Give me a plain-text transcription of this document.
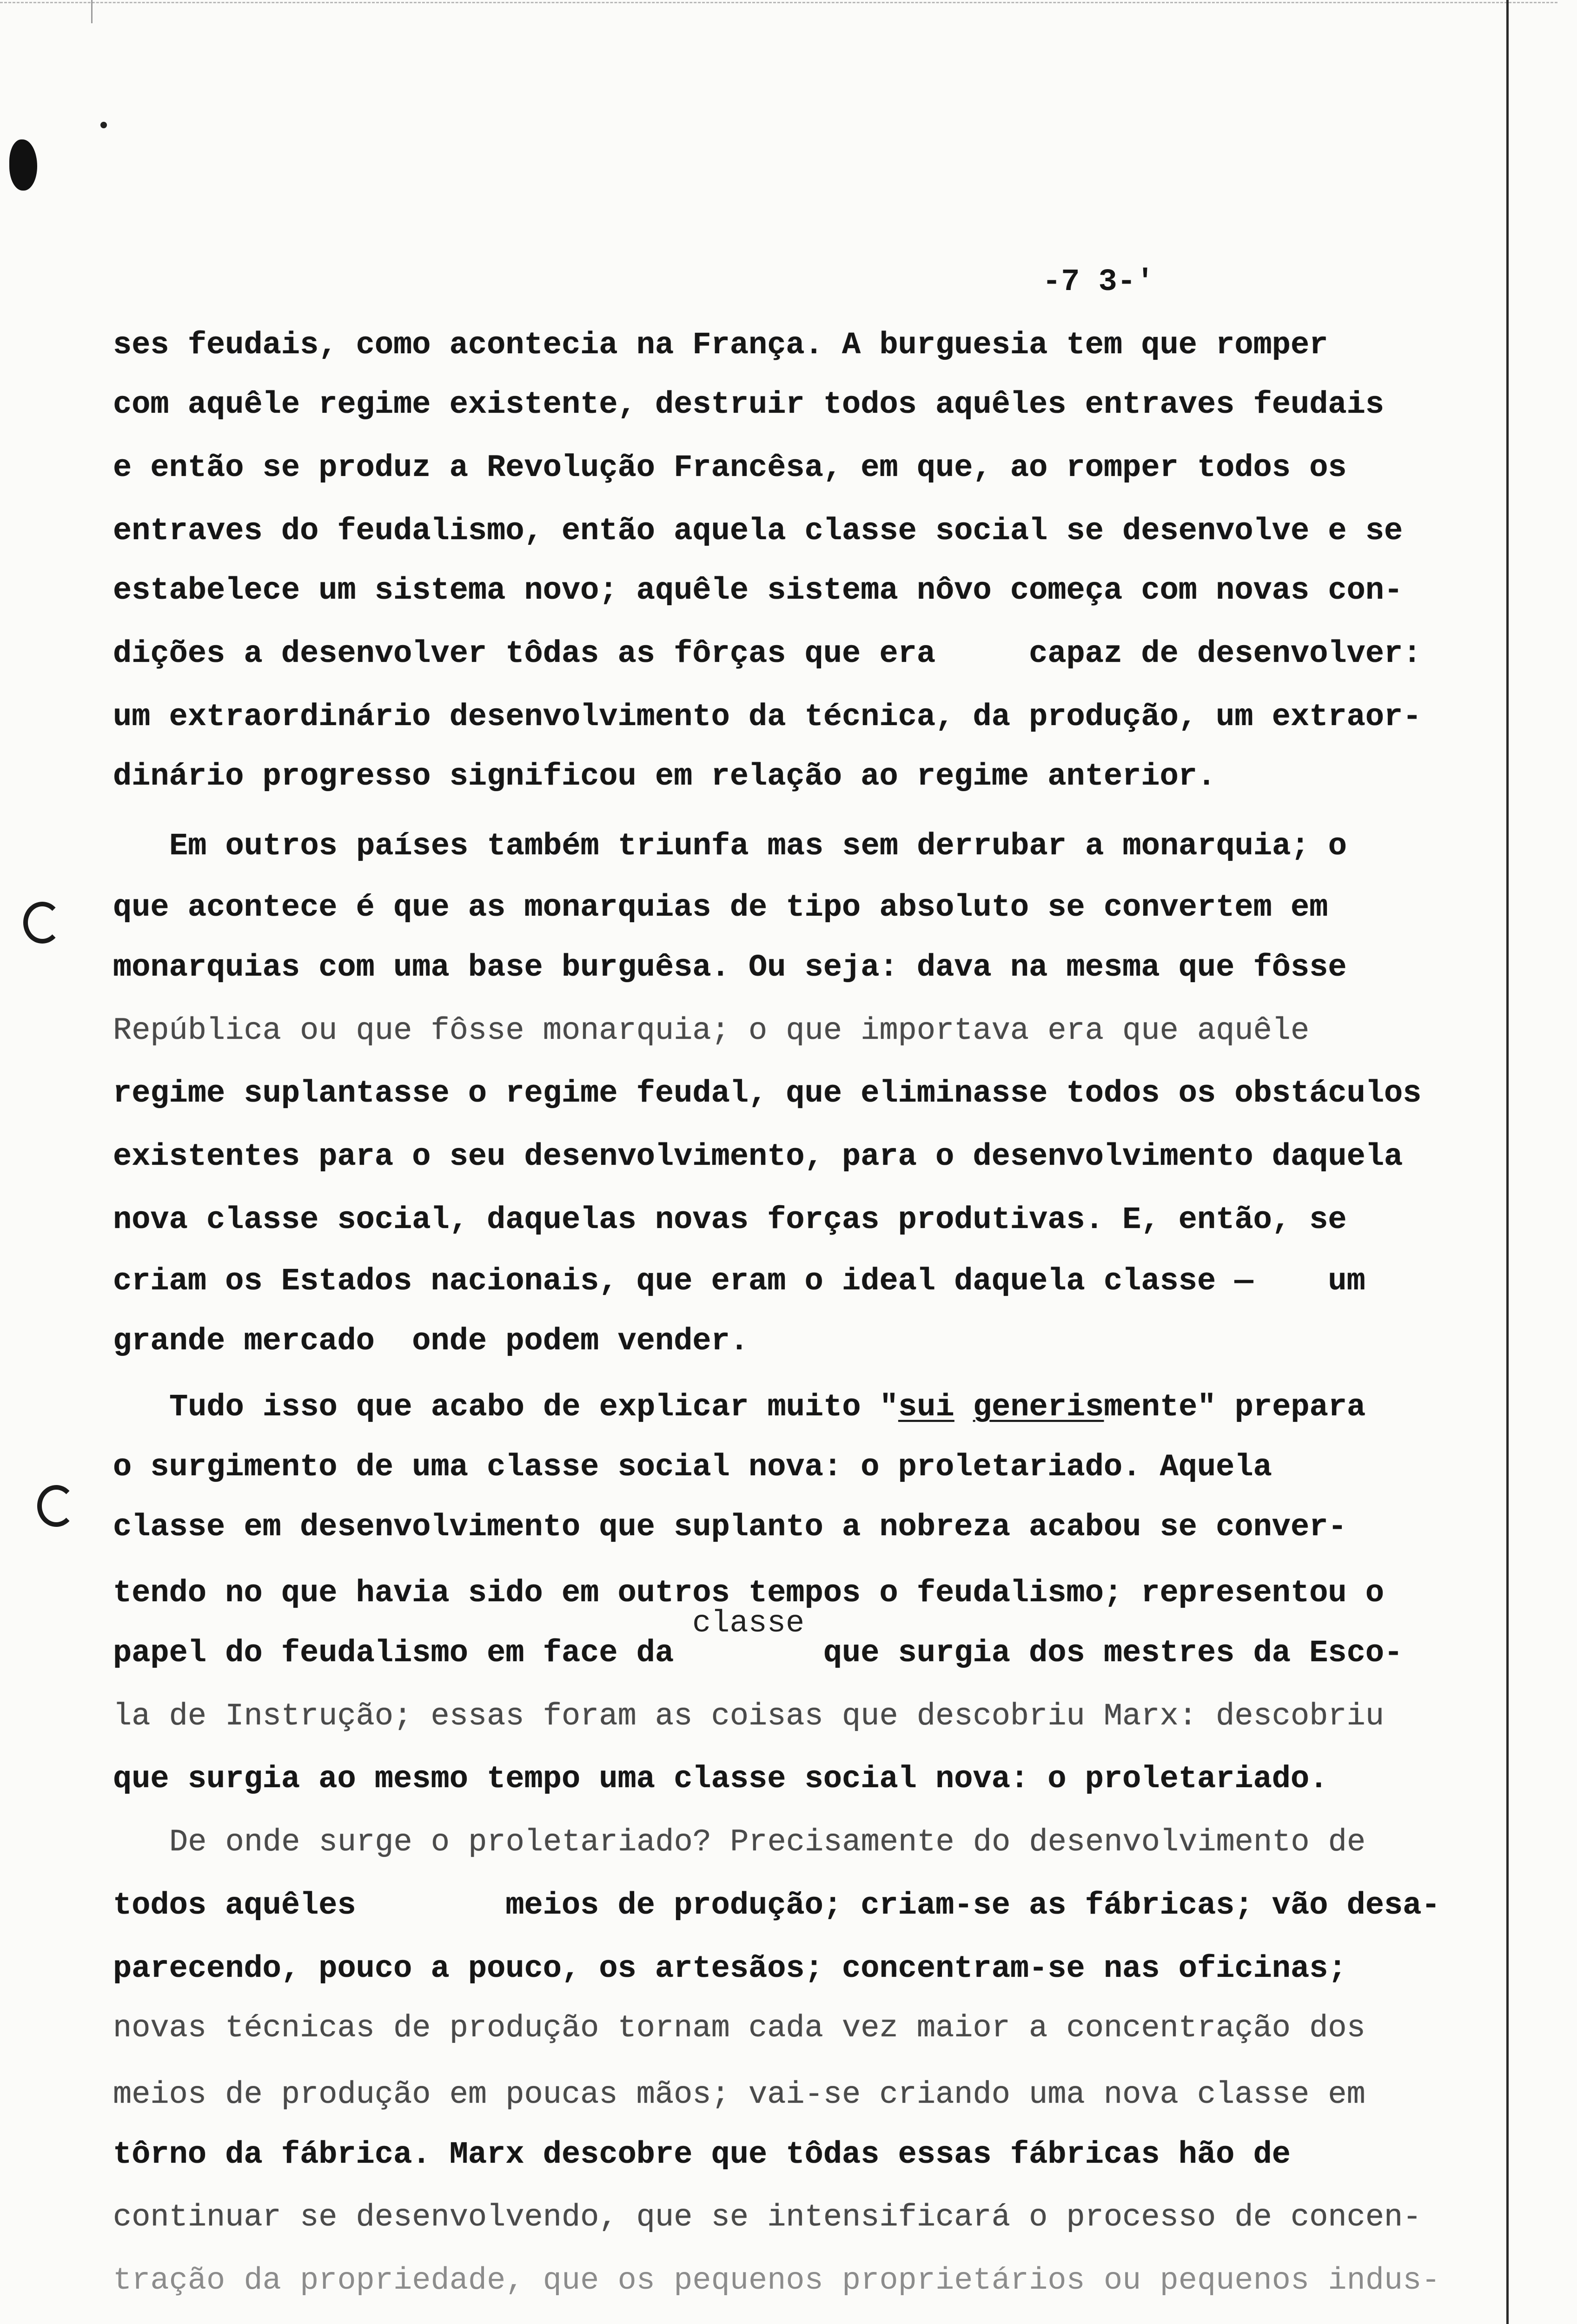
-7 3-'
ses feudais, como acontecia na França. A burguesia tem que romper
com aquêle regime existente, destruir todos aquêles entraves feudais
e então se produz a Revolução Francêsa, em que, ao romper todos os
entraves do feudalismo, então aquela classe social se desenvolve e se
estabelece um sistema novo; aquêle sistema nôvo começa com novas con-
dições a desenvolver tôdas as fôrças que era     capaz de desenvolver:
um extraordinário desenvolvimento da técnica, da produção, um extraor-
dinário progresso significou em relação ao regime anterior.
Em outros países também triunfa mas sem derrubar a monarquia; o
que acontece é que as monarquias de tipo absoluto se convertem em
monarquias com uma base burguêsa. Ou seja: dava na mesma que fôsse
República ou que fôsse monarquia; o que importava era que aquêle
regime suplantasse o regime feudal, que eliminasse todos os obstáculos
existentes para o seu desenvolvimento, para o desenvolvimento daquela
nova classe social, daquelas novas forças produtivas. E, então, se
criam os Estados nacionais, que eram o ideal daquela classe —    um
grande mercado  onde podem vender.
Tudo isso que acabo de explicar muito "sui generismente" prepara
o surgimento de uma classe social nova: o proletariado. Aquela
classe em desenvolvimento que suplanto a nobreza acabou se conver-
tendo no que havia sido em outros tempos o feudalismo; representou o
classe
papel do feudalismo em face da        que surgia dos mestres da Esco-
la de Instrução; essas foram as coisas que descobriu Marx: descobriu
que surgia ao mesmo tempo uma classe social nova: o proletariado.
De onde surge o proletariado? Precisamente do desenvolvimento de
todos aquêles        meios de produção; criam-se as fábricas; vão desa-
parecendo, pouco a pouco, os artesãos; concentram-se nas oficinas;
novas técnicas de produção tornam cada vez maior a concentração dos
meios de produção em poucas mãos; vai-se criando uma nova classe em
tôrno da fábrica. Marx descobre que tôdas essas fábricas hão de
continuar se desenvolvendo, que se intensificará o processo de concen-
tração da propriedade, que os pequenos proprietários ou pequenos indus-
